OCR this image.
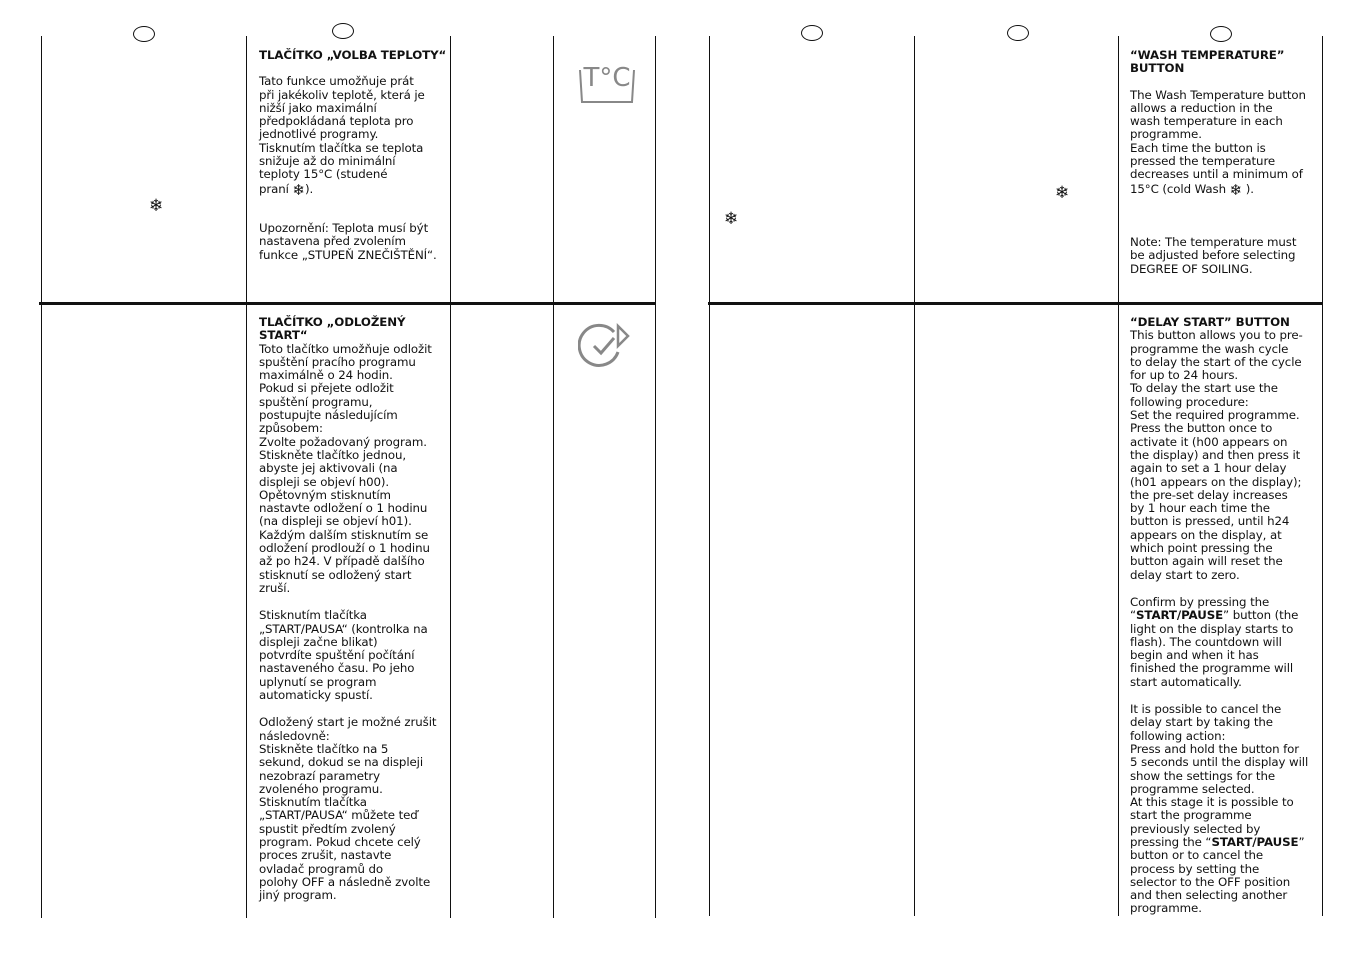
❄
❄
❄
T°C
TLAČÍTKO „VOLBA TEPLOTY“

Tato funkce umožňuje prát
při jakékoliv teplotě, která je
nižší jako maximální
předpokládaná teplota pro
jednotlivé programy.
Tisknutím tlačítka se teplota
snižuje až do minimální
teploty 15°C (studené
praní ❄).

Upozornění: Teplota musí být
nastavena před zvolením
funkce „STUPEŇ ZNEČIŠTĚNÍ“.

TLAČÍTKO „ODLOŽENÝ START“

Toto tlačítko umožňuje odložit
spuštění pracího programu
maximálně o 24 hodin.
Pokud si přejete odložit
spuštění programu,
postupujte následujícím
způsobem:
Zvolte požadovaný program.
Stiskněte tlačítko jednou,
abyste jej aktivovali (na
displeji se objeví h00).
Opětovným stisknutím
nastavte odložení o 1 hodinu
(na displeji se objeví h01).
Každým dalším stisknutím se
odložení prodlouží o 1 hodinu
až po h24. V případě dalšího
stisknutí se odložený start
zruší.

Stisknutím tlačítka
„START/PAUSA“ (kontrolka na
displeji začne blikat)
potvrdíte spuštění počítání
nastaveného času. Po jeho
uplynutí se program
automaticky spustí.

Odložený start je možné zrušit
následovně:
Stiskněte tlačítko na 5
sekund, dokud se na displeji
nezobrazí parametry
zvoleného programu.
Stisknutím tlačítka
„START/PAUSA“ můžete teď
spustit předtím zvolený
program. Pokud chcete celý
proces zrušit, nastavte
ovladač programů do
polohy OFF a následně zvolte
jiný program.

“WASH TEMPERATURE” BUTTON

The Wash Temperature button
allows a reduction in the
wash temperature in each
programme.
Each time the button is
pressed the temperature
decreases until a minimum of
15°C (cold Wash ❄ ).

Note: The temperature must
be adjusted before selecting
DEGREE OF SOILING.

“DELAY START” BUTTON

This button allows you to pre-
programme the wash cycle
to delay the start of the cycle
for up to 24 hours.
To delay the start use the
following procedure:
Set the required programme.
Press the button once to
activate it (h00 appears on
the display) and then press it
again to set a 1 hour delay
(h01 appears on the display);
the pre-set delay increases
by 1 hour each time the
button is pressed, until h24
appears on the display, at
which point pressing the
button again will reset the
delay start to zero.

Confirm by pressing the
“START/PAUSE” button (the
light on the display starts to
flash). The countdown will
begin and when it has
finished the programme will
start automatically.

It is possible to cancel the
delay start by taking the
following action:
Press and hold the button for
5 seconds until the display will
show the settings for the
programme selected.
At this stage it is possible to
start the programme
previously selected by
pressing the “START/PAUSE”
button or to cancel the
process by setting the
selector to the OFF position
and then selecting another
programme.
